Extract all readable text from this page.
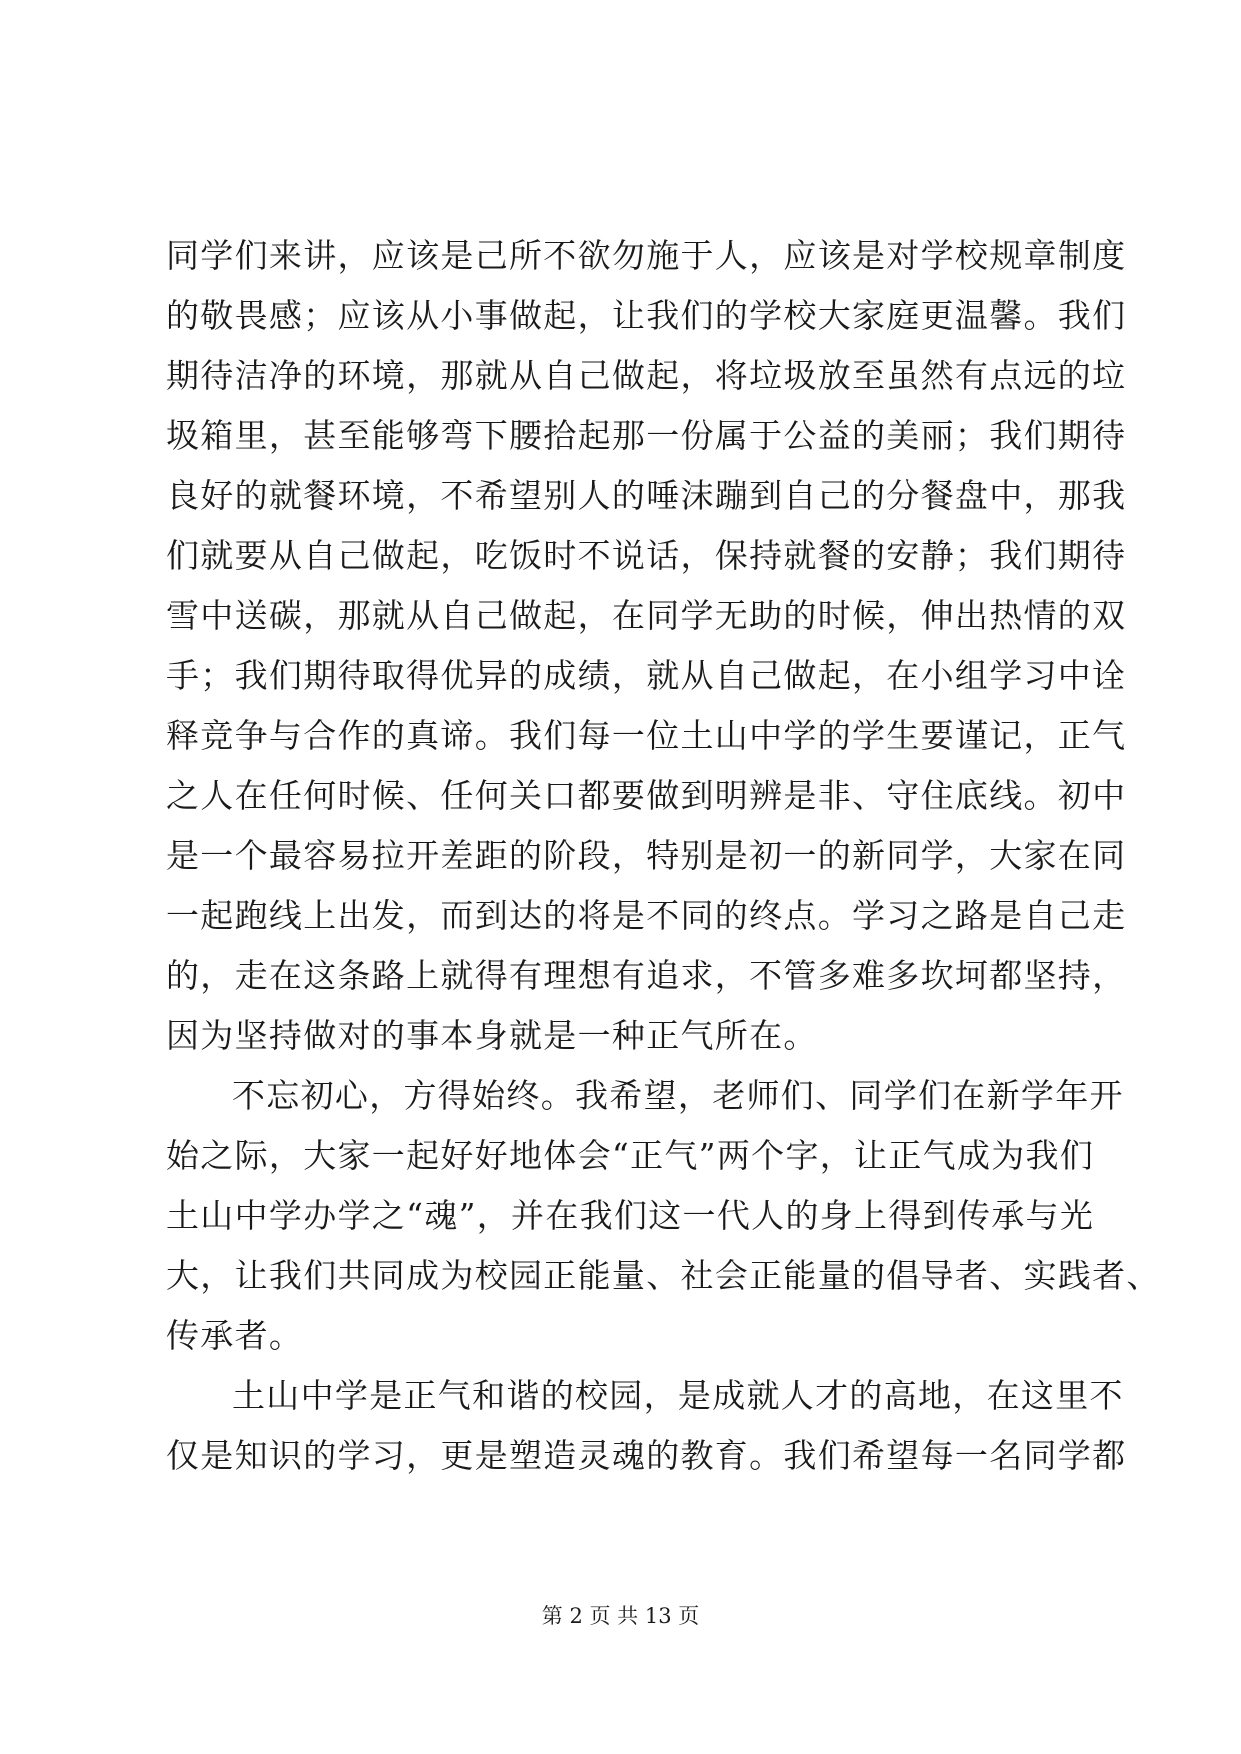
同学们来讲，应该是己所不欲勿施于人，应该是对学校规章制度
的敬畏感；应该从小事做起，让我们的学校大家庭更温馨。我们
期待洁净的环境，那就从自己做起，将垃圾放至虽然有点远的垃
圾箱里，甚至能够弯下腰拾起那一份属于公益的美丽；我们期待
良好的就餐环境，不希望别人的唾沫蹦到自己的分餐盘中，那我
们就要从自己做起，吃饭时不说话，保持就餐的安静；我们期待
雪中送碳，那就从自己做起，在同学无助的时候，伸出热情的双
手；我们期待取得优异的成绩，就从自己做起，在小组学习中诠
释竞争与合作的真谛。我们每一位土山中学的学生要谨记，正气
之人在任何时候、任何关口都要做到明辨是非、守住底线。初中
是一个最容易拉开差距的阶段，特别是初一的新同学，大家在同
一起跑线上出发，而到达的将是不同的终点。学习之路是自己走
的，走在这条路上就得有理想有追求，不管多难多坎坷都坚持，
因为坚持做对的事本身就是一种正气所在。
不忘初心，方得始终。我希望，老师们、同学们在新学年开
始之际，大家一起好好地体会“正气”两个字，让正气成为我们
土山中学办学之“魂”，并在我们这一代人的身上得到传承与光
大，让我们共同成为校园正能量、社会正能量的倡导者、实践者、
传承者。
土山中学是正气和谐的校园，是成就人才的高地，在这里不
仅是知识的学习，更是塑造灵魂的教育。我们希望每一名同学都
第 2 页 共 13 页
